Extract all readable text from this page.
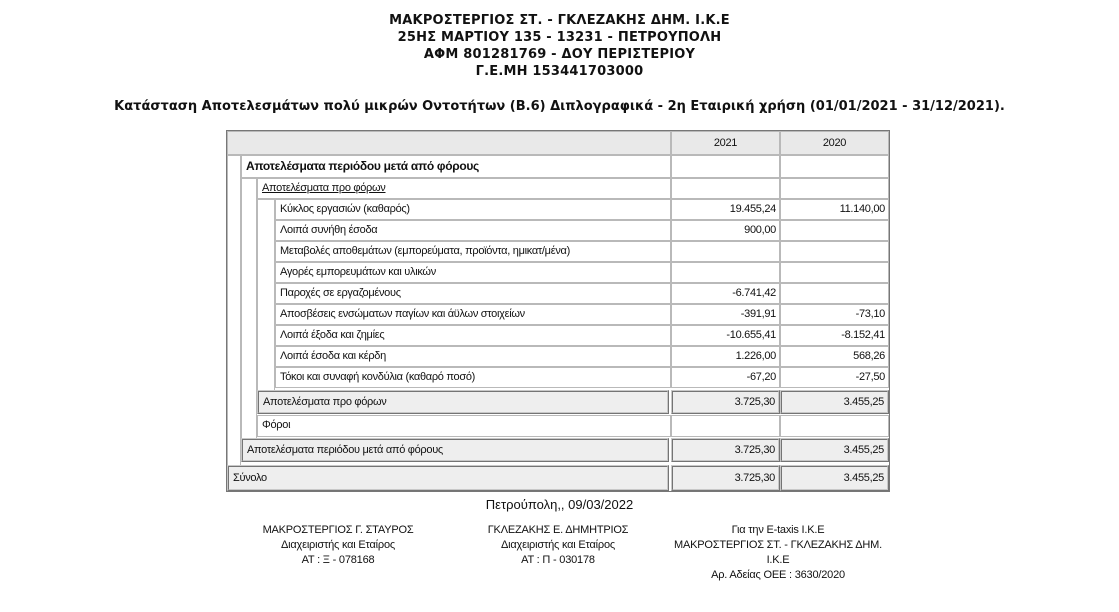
ΜΑΚΡΟΣΤΕΡΓΙΟΣ ΣΤ. - ΓΚΛΕΖΑΚΗΣ ΔΗΜ. Ι.Κ.Ε
25ΗΣ ΜΑΡΤΙΟΥ 135 - 13231 - ΠΕΤΡΟΥΠΟΛΗ
ΑΦΜ 801281769 - ΔΟΥ ΠΕΡΙΣΤΕΡΙΟΥ
Γ.Ε.ΜΗ 153441703000
Κατάσταση Αποτελεσμάτων πολύ μικρών Οντοτήτων (Β.6) Διπλογραφικά - 2η Εταιρική χρήση (01/01/2021 - 31/12/2021).
2021	2020
Αποτελέσματα περιόδου μετά από φόρους
Αποτελέσματα προ φόρων
Κύκλος εργασιών (καθαρός)	19.455,24	11.140,00
Λοιπά συνήθη έσοδα	900,00
Μεταβολές αποθεμάτων (εμπορεύματα, προϊόντα, ημικατ/μένα)
Αγορές εμπορευμάτων και υλικών
Παροχές σε εργαζομένους	-6.741,42
Αποσβέσεις ενσώματων παγίων και άϋλων στοιχείων	-391,91	-73,10
Λοιπά έξοδα και ζημίες	-10.655,41	-8.152,41
Λοιπά έσοδα και κέρδη	1.226,00	568,26
Τόκοι και συναφή κονδύλια (καθαρό ποσό)	-67,20	-27,50
Αποτελέσματα προ φόρων	3.725,30	3.455,25
Φόροι
Αποτελέσματα περιόδου μετά από φόρους	3.725,30	3.455,25
Σύνολο	3.725,30	3.455,25
Πετρούπολη,, 09/03/2022
ΜΑΚΡΟΣΤΕΡΓΙΟΣ Γ. ΣΤΑΥΡΟΣ
Διαχειριστής και Εταίρος
ΑΤ : Ξ - 078168
ΓΚΛΕΖΑΚΗΣ Ε. ΔΗΜΗΤΡΙΟΣ
Διαχειριστής και Εταίρος
ΑΤ : Π - 030178
Για την E-taxis Ι.Κ.Ε
ΜΑΚΡΟΣΤΕΡΓΙΟΣ ΣΤ. - ΓΚΛΕΖΑΚΗΣ ΔΗΜ.
Ι.Κ.Ε
Αρ. Αδείας ΟΕΕ : 3630/2020
